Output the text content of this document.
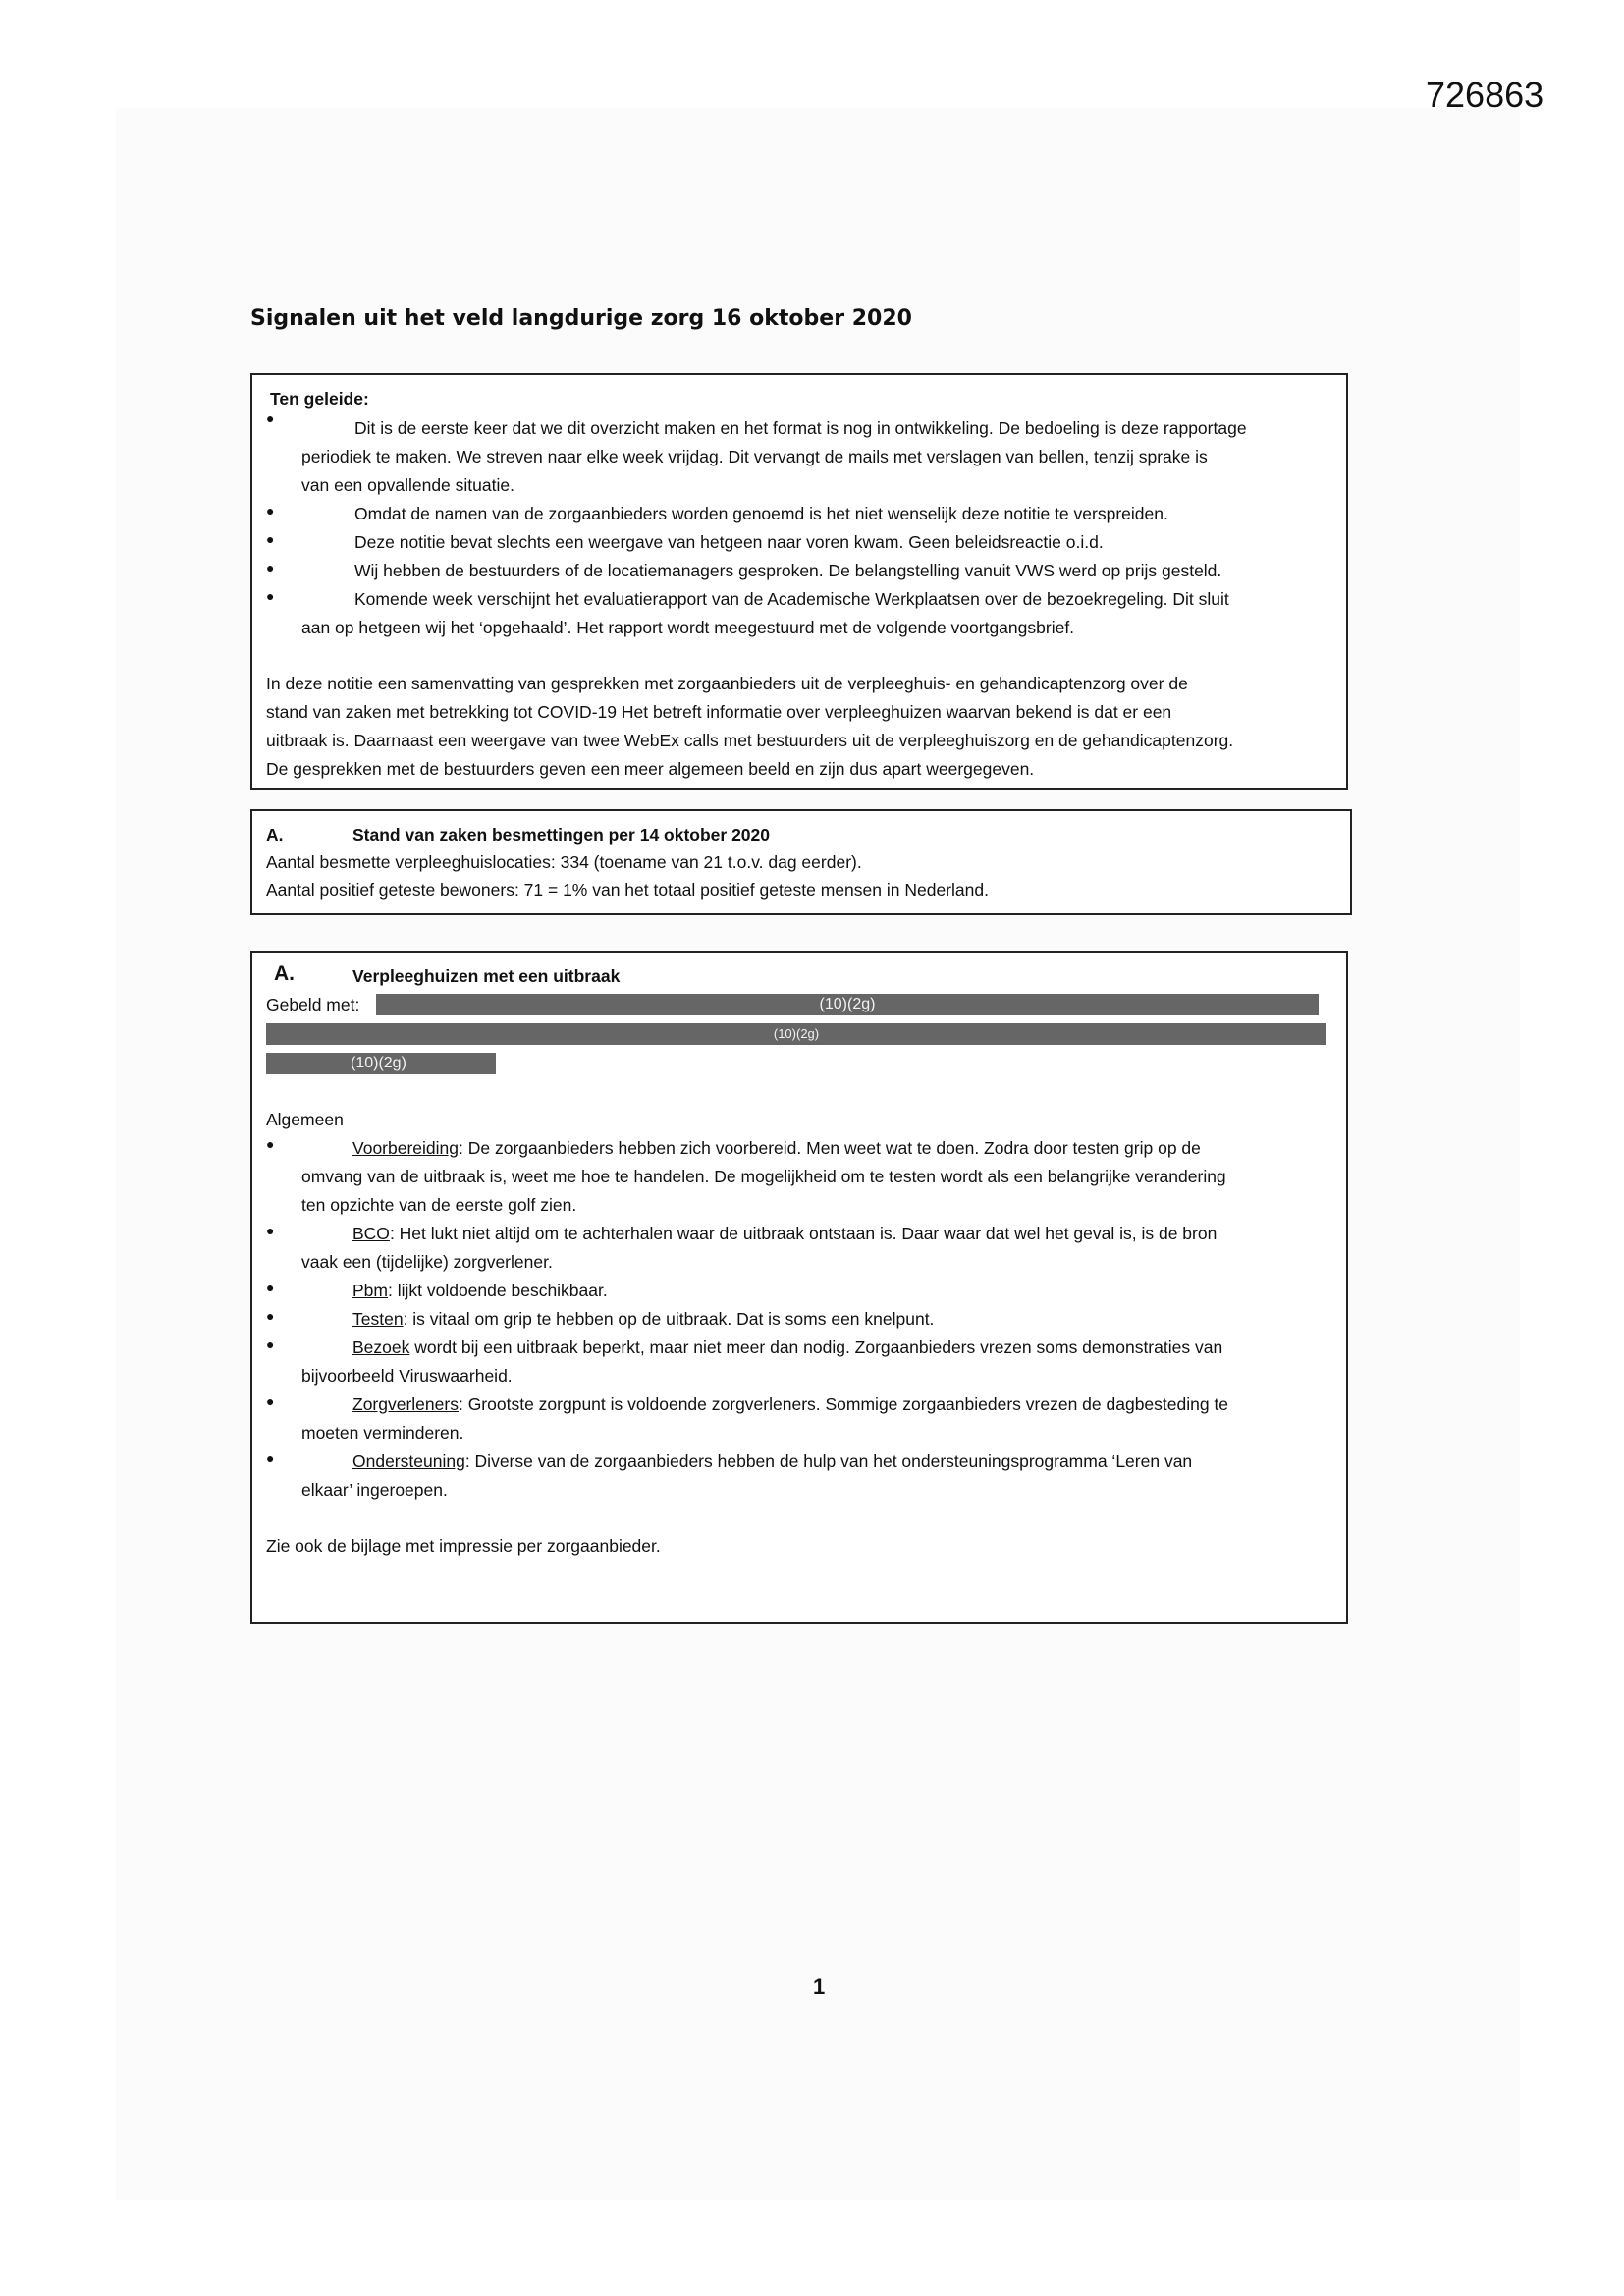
726863
Signalen uit het veld langdurige zorg 16 oktober 2020
Ten geleide:
●	Dit is de eerste keer dat we dit overzicht maken en het format is nog in ontwikkeling. De bedoeling is deze rapportage
periodiek te maken. We streven naar elke week vrijdag. Dit vervangt de mails met verslagen van bellen, tenzij sprake is
van een opvallende situatie.
●	Omdat de namen van de zorgaanbieders worden genoemd is het niet wenselijk deze notitie te verspreiden.
●	Deze notitie bevat slechts een weergave van hetgeen naar voren kwam. Geen beleidsreactie o.i.d.
●	Wij hebben de bestuurders of de locatiemanagers gesproken. De belangstelling vanuit VWS werd op prijs gesteld.
●	Komende week verschijnt het evaluatierapport van de Academische Werkplaatsen over de bezoekregeling. Dit sluit
aan op hetgeen wij het ‘opgehaald’. Het rapport wordt meegestuurd met de volgende voortgangsbrief.
In deze notitie een samenvatting van gesprekken met zorgaanbieders uit de verpleeghuis- en gehandicaptenzorg over de
stand van zaken met betrekking tot COVID-19 Het betreft informatie over verpleeghuizen waarvan bekend is dat er een
uitbraak is. Daarnaast een weergave van twee WebEx calls met bestuurders uit de verpleeghuiszorg en de gehandicaptenzorg.
De gesprekken met de bestuurders geven een meer algemeen beeld en zijn dus apart weergegeven.
A.	Stand van zaken besmettingen per 14 oktober 2020
Aantal besmette verpleeghuislocaties: 334 (toename van 21 t.o.v. dag eerder).
Aantal positief geteste bewoners: 71 = 1% van het totaal positief geteste mensen in Nederland.
A.	Verpleeghuizen met een uitbraak
Gebeld met:	(10)(2g)
(10)(2g)
(10)(2g)
Algemeen
●	Voorbereiding: De zorgaanbieders hebben zich voorbereid. Men weet wat te doen. Zodra door testen grip op de
omvang van de uitbraak is, weet me hoe te handelen. De mogelijkheid om te testen wordt als een belangrijke verandering
ten opzichte van de eerste golf zien.
●	BCO: Het lukt niet altijd om te achterhalen waar de uitbraak ontstaan is. Daar waar dat wel het geval is, is de bron
vaak een (tijdelijke) zorgverlener.
●	Pbm: lijkt voldoende beschikbaar.
●	Testen: is vitaal om grip te hebben op de uitbraak. Dat is soms een knelpunt.
●	Bezoek wordt bij een uitbraak beperkt, maar niet meer dan nodig. Zorgaanbieders vrezen soms demonstraties van
bijvoorbeeld Viruswaarheid.
●	Zorgverleners: Grootste zorgpunt is voldoende zorgverleners. Sommige zorgaanbieders vrezen de dagbesteding te
moeten verminderen.
●	Ondersteuning: Diverse van de zorgaanbieders hebben de hulp van het ondersteuningsprogramma ‘Leren van
elkaar’ ingeroepen.
Zie ook de bijlage met impressie per zorgaanbieder.
1
